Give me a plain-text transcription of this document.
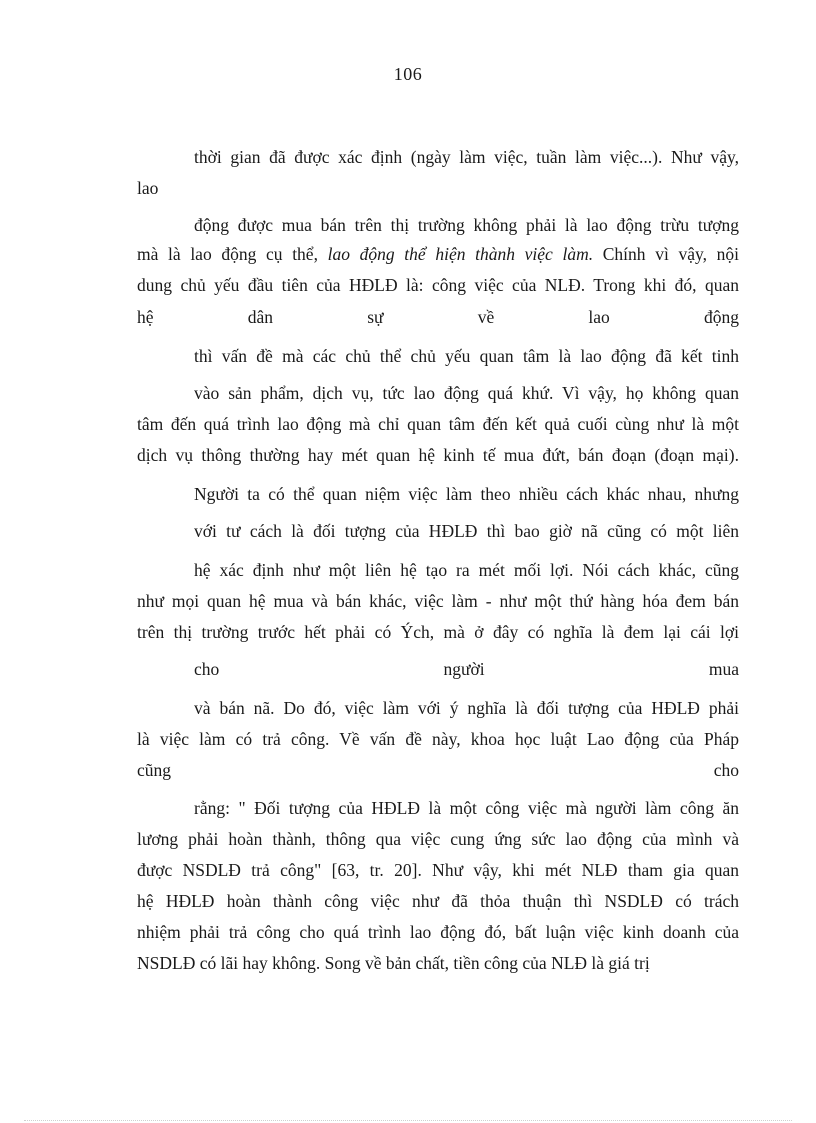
106
thời gian đã được xác định (ngày làm việc, tuần làm việc...). Như vậy,
lao
động được mua bán trên thị trường không phải là lao động trừu tượng
mà là lao động cụ thể, lao động thể hiện thành việc làm. Chính vì vậy, nội
dung chủ yếu đầu tiên của HĐLĐ là: công việc của NLĐ. Trong khi đó, quan
hệ dân sự về lao động
thì vấn đề mà các chủ thể chủ yếu quan tâm là lao động đã kết tinh
vào sản phẩm, dịch vụ, tức lao động quá khứ. Vì vậy, họ không quan
tâm đến quá trình lao động mà chỉ quan tâm đến kết quả cuối cùng như là một
dịch vụ thông thường hay mét quan hệ kinh tế mua đứt, bán đoạn (đoạn mại).
Người ta có thể quan niệm việc làm theo nhiều cách khác nhau, nhưng
với tư cách là đối tượng của HĐLĐ thì bao giờ nã cũng có một liên
hệ xác định như một liên hệ tạo ra mét mối lợi. Nói cách khác, cũng
như mọi quan hệ mua và bán khác, việc làm - như một thứ hàng hóa đem bán
trên thị trường trước hết phải có Ých, mà ở đây có nghĩa là đem lại cái lợi
cho người mua
và bán nã. Do đó, việc làm với ý nghĩa là đối tượng của HĐLĐ phải
là việc làm có trả công. Về vấn đề này, khoa học luật Lao động của Pháp
cũng cho
rằng: " Đối tượng của HĐLĐ là một công việc mà người làm công ăn
lương phải hoàn thành, thông qua việc cung ứng sức lao động của mình và
được NSDLĐ trả công" [63, tr. 20]. Như vậy, khi mét NLĐ tham gia quan
hệ HĐLĐ hoàn thành công việc như đã thỏa thuận thì NSDLĐ có trách
nhiệm phải trả công cho quá trình lao động đó, bất luận việc kinh doanh của
NSDLĐ có lãi hay không. Song về bản chất, tiền công của NLĐ là giá trị
